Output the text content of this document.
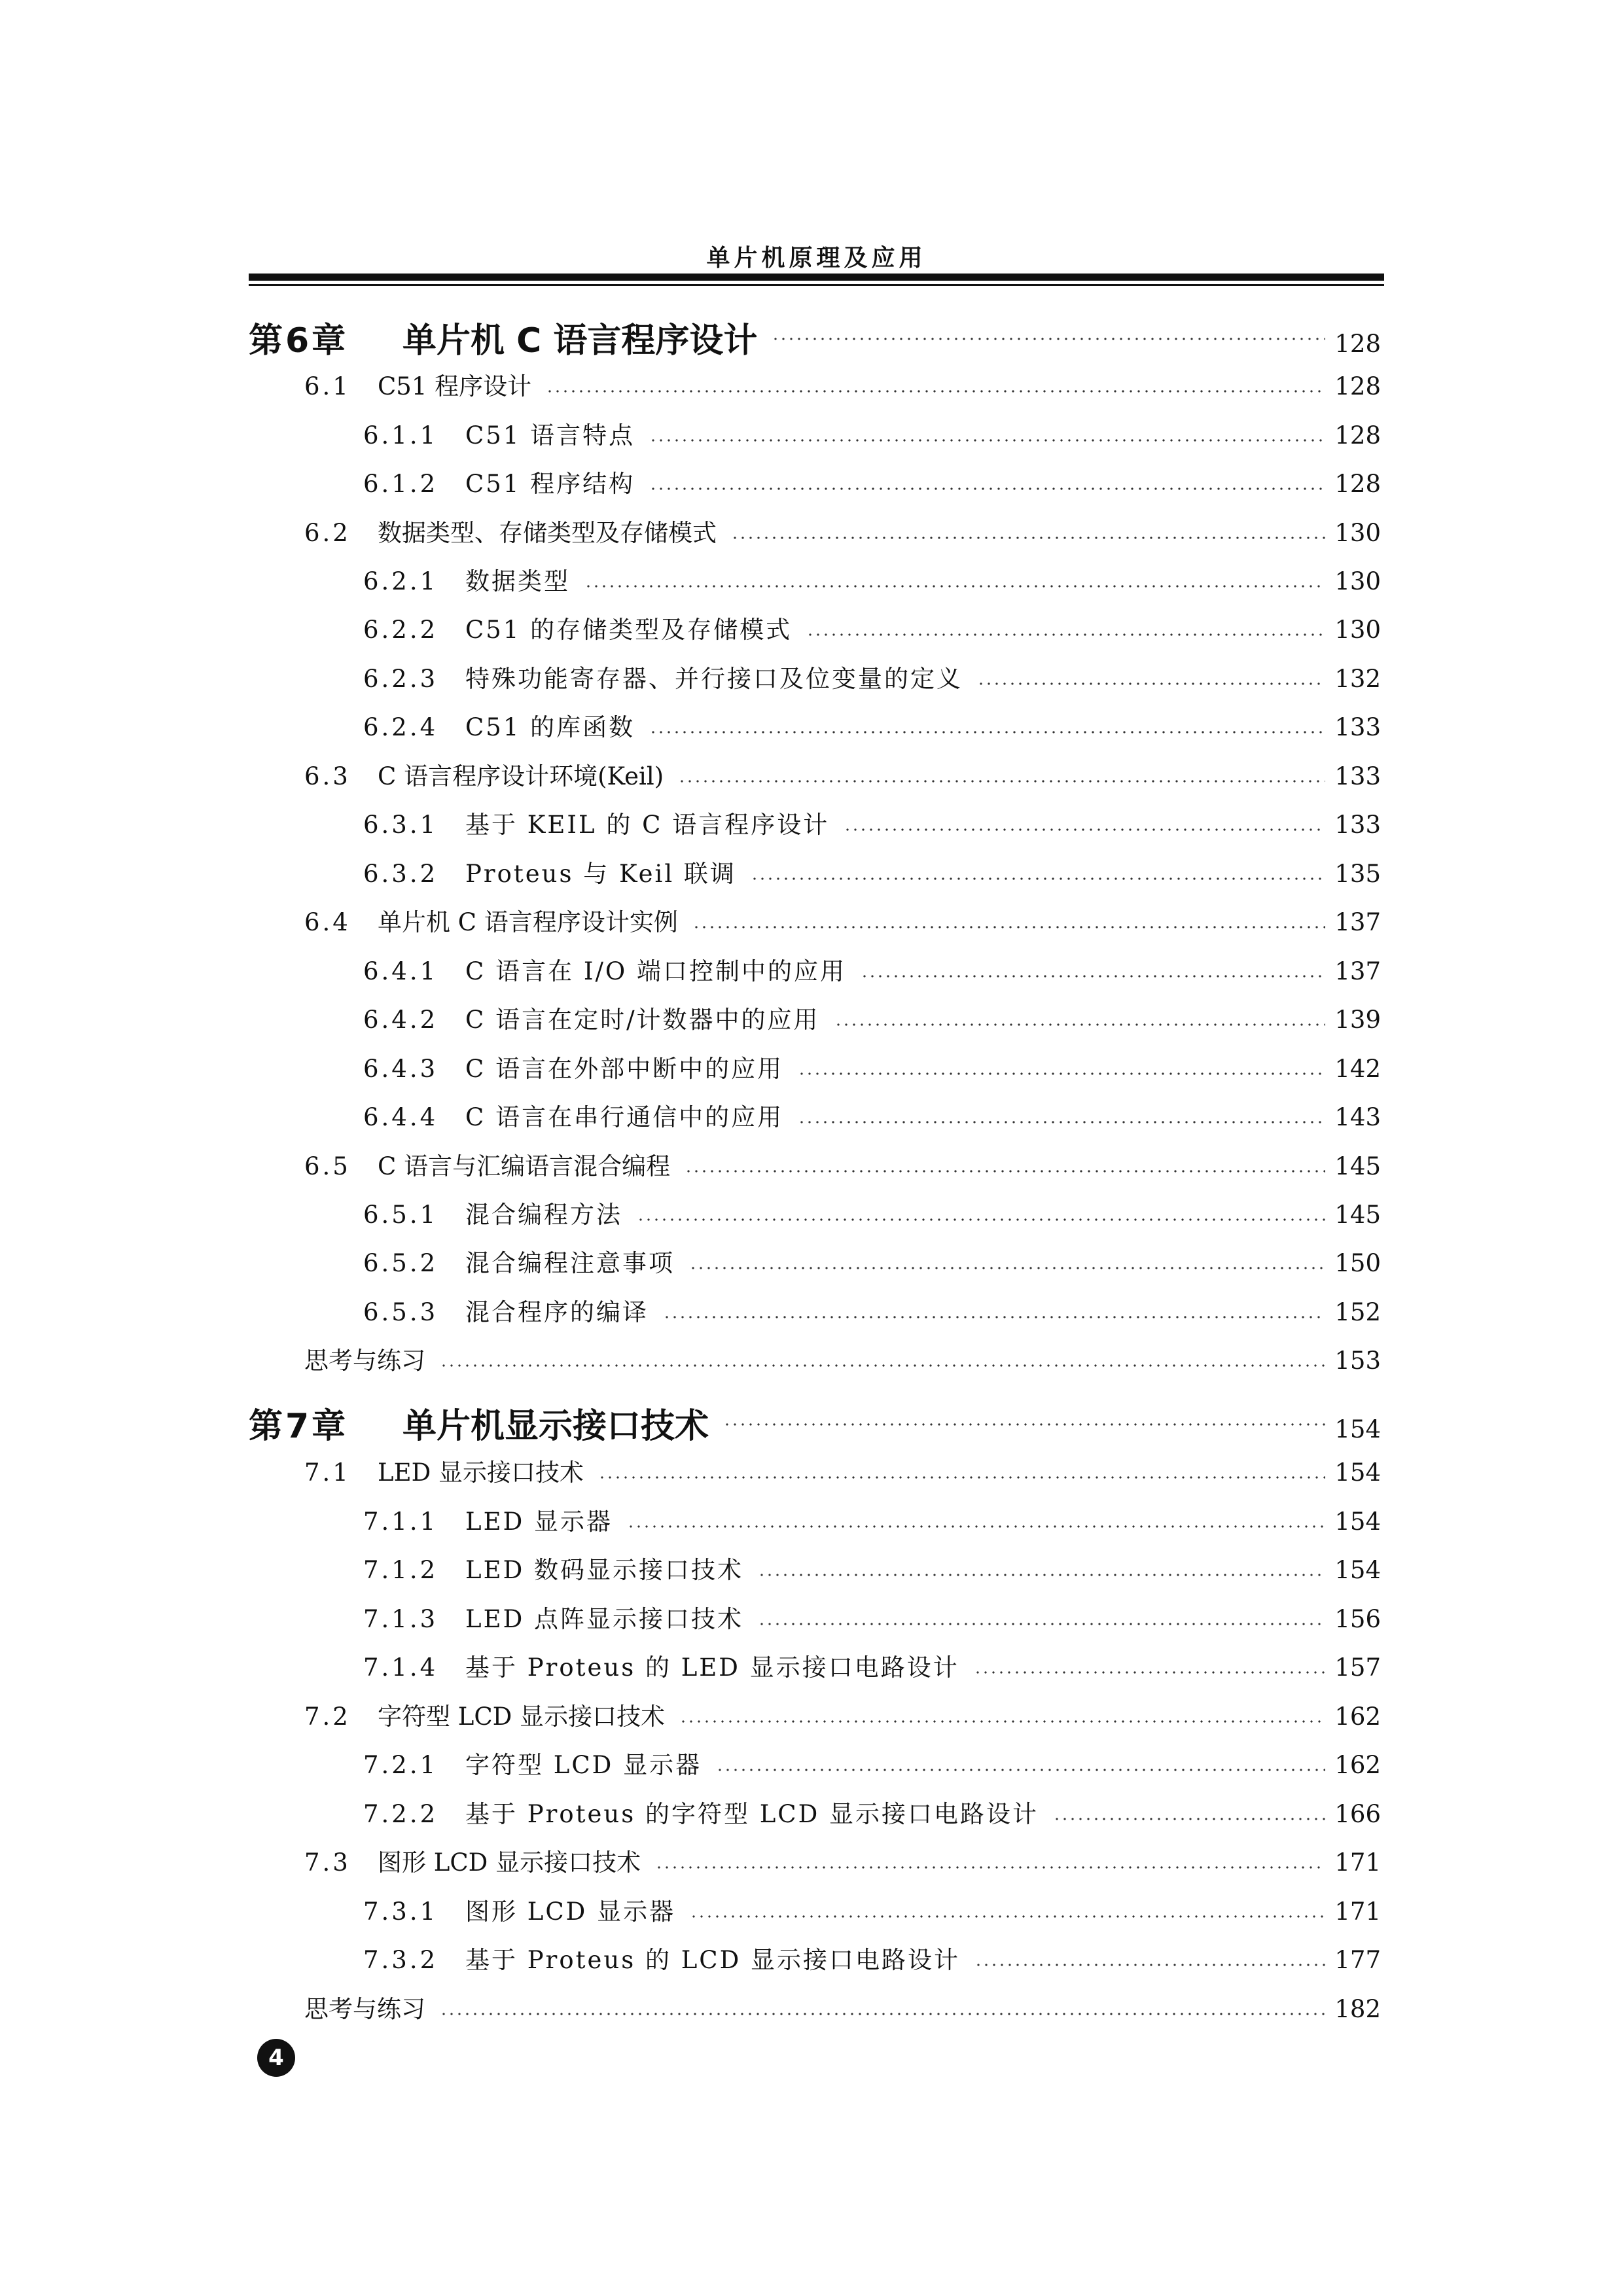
单片机原理及应用
第6章	单片机 C 语言程序设计	128
6.1	C51 程序设计	128
6.1.1	C51 语言特点	128
6.1.2	C51 程序结构	128
6.2	数据类型、存储类型及存储模式	130
6.2.1	数据类型	130
6.2.2	C51 的存储类型及存储模式	130
6.2.3	特殊功能寄存器、并行接口及位变量的定义	132
6.2.4	C51 的库函数	133
6.3	C 语言程序设计环境(Keil)	133
6.3.1	基于 KEIL 的 C 语言程序设计	133
6.3.2	Proteus 与 Keil 联调	135
6.4	单片机 C 语言程序设计实例	137
6.4.1	C 语言在 I/O 端口控制中的应用	137
6.4.2	C 语言在定时/计数器中的应用	139
6.4.3	C 语言在外部中断中的应用	142
6.4.4	C 语言在串行通信中的应用	143
6.5	C 语言与汇编语言混合编程	145
6.5.1	混合编程方法	145
6.5.2	混合编程注意事项	150
6.5.3	混合程序的编译	152
思考与练习	153
第7章	单片机显示接口技术	154
7.1	LED 显示接口技术	154
7.1.1	LED 显示器	154
7.1.2	LED 数码显示接口技术	154
7.1.3	LED 点阵显示接口技术	156
7.1.4	基于 Proteus 的 LED 显示接口电路设计	157
7.2	字符型 LCD 显示接口技术	162
7.2.1	字符型 LCD 显示器	162
7.2.2	基于 Proteus 的字符型 LCD 显示接口电路设计	166
7.3	图形 LCD 显示接口技术	171
7.3.1	图形 LCD 显示器	171
7.3.2	基于 Proteus 的 LCD 显示接口电路设计	177
思考与练习	182
4
